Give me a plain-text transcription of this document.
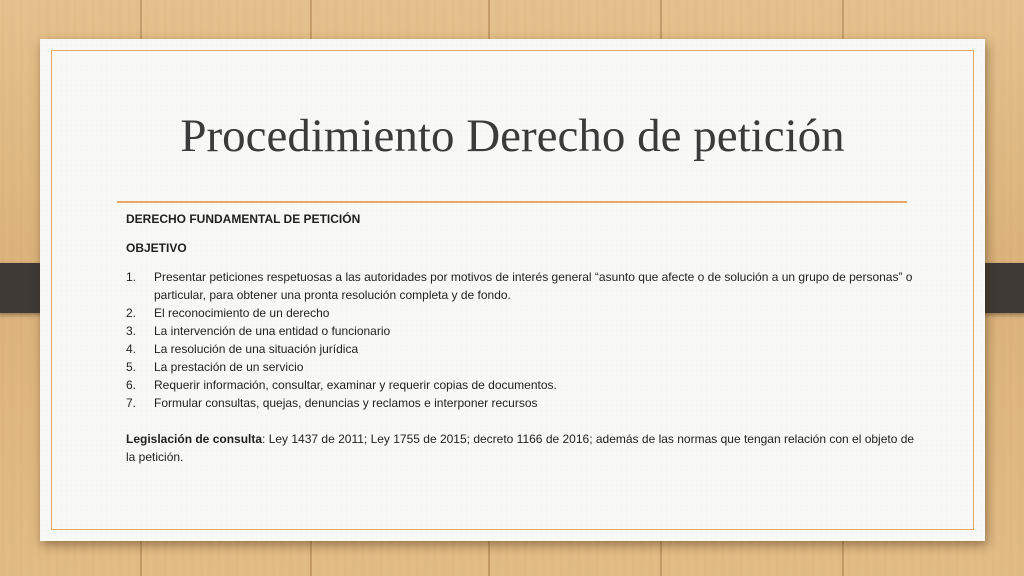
Procedimiento Derecho de petición
DERECHO FUNDAMENTAL DE PETICIÓN
OBJETIVO
1.	Presentar peticiones respetuosas a las autoridades por motivos de interés general “asunto que afecte o de solución a un grupo de personas” o particular, para obtener una pronta resolución completa y de fondo.
2.	El reconocimiento de un derecho
3.	La intervención de una entidad o funcionario
4.	La resolución de una situación jurídica
5.	La prestación de un servicio
6.	Requerir información, consultar, examinar y requerir copias de documentos.
7.	Formular consultas, quejas, denuncias y reclamos e interponer recursos

Legislación de consulta: Ley 1437 de 2011; Ley 1755 de 2015; decreto 1166 de 2016; además de las normas que tengan relación con el objeto de la petición.
